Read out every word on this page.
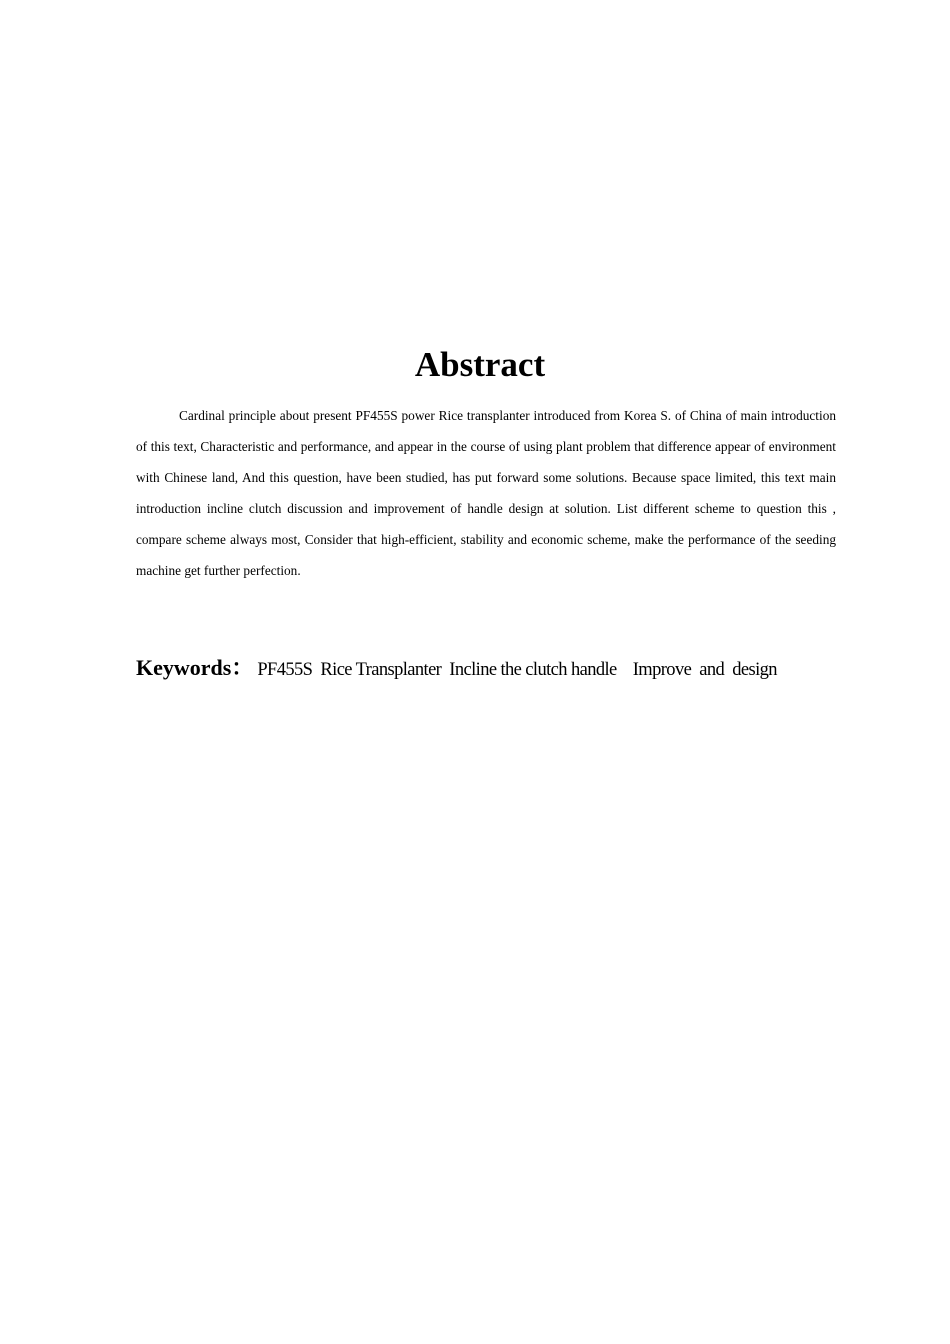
Abstract

Cardinal principle about present PF455S power Rice transplanter introduced from Korea S. of China of main introduction of this text, Characteristic and performance, and appear in the course of using plant problem that difference appear of environment with Chinese land, And this question, have been studied, has put forward some solutions. Because space limited, this text main introduction incline clutch discussion and improvement of handle design at solution. List different scheme to question this , compare scheme always most, Consider that high-efficient, stability and economic scheme, make the performance of the seeding machine get further perfection.

Keywords： PF455S  Rice Transplanter  Incline the clutch handle    Improve  and  design
